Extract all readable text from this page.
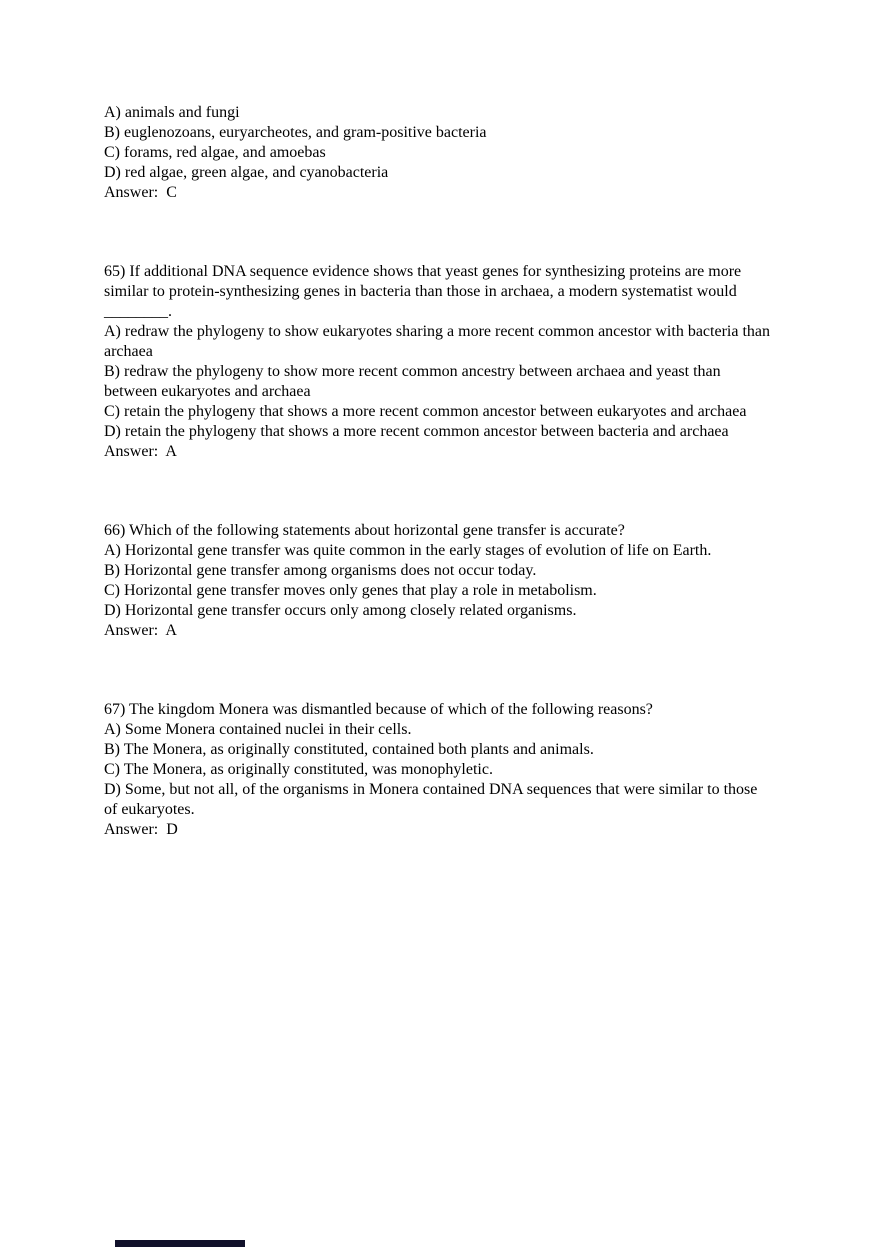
A) animals and fungi

B) euglenozoans, euryarcheotes, and gram-positive bacteria

C) forams, red algae, and amoebas

D) red algae, green algae, and cyanobacteria

Answer:  C

65) If additional DNA sequence evidence shows that yeast genes for synthesizing proteins are more similar to protein-synthesizing genes in bacteria than those in archaea, a modern systematist would ________.

A) redraw the phylogeny to show eukaryotes sharing a more recent common ancestor with bacteria than archaea

B) redraw the phylogeny to show more recent common ancestry between archaea and yeast than between eukaryotes and archaea

C) retain the phylogeny that shows a more recent common ancestor between eukaryotes and archaea

D) retain the phylogeny that shows a more recent common ancestor between bacteria and archaea

Answer:  A

66) Which of the following statements about horizontal gene transfer is accurate?

A) Horizontal gene transfer was quite common in the early stages of evolution of life on Earth.

B) Horizontal gene transfer among organisms does not occur today.

C) Horizontal gene transfer moves only genes that play a role in metabolism.

D) Horizontal gene transfer occurs only among closely related organisms.

Answer:  A

67) The kingdom Monera was dismantled because of which of the following reasons?

A) Some Monera contained nuclei in their cells.

B) The Monera, as originally constituted, contained both plants and animals.

C) The Monera, as originally constituted, was monophyletic.

D) Some, but not all, of the organisms in Monera contained DNA sequences that were similar to those of eukaryotes.

Answer:  D
